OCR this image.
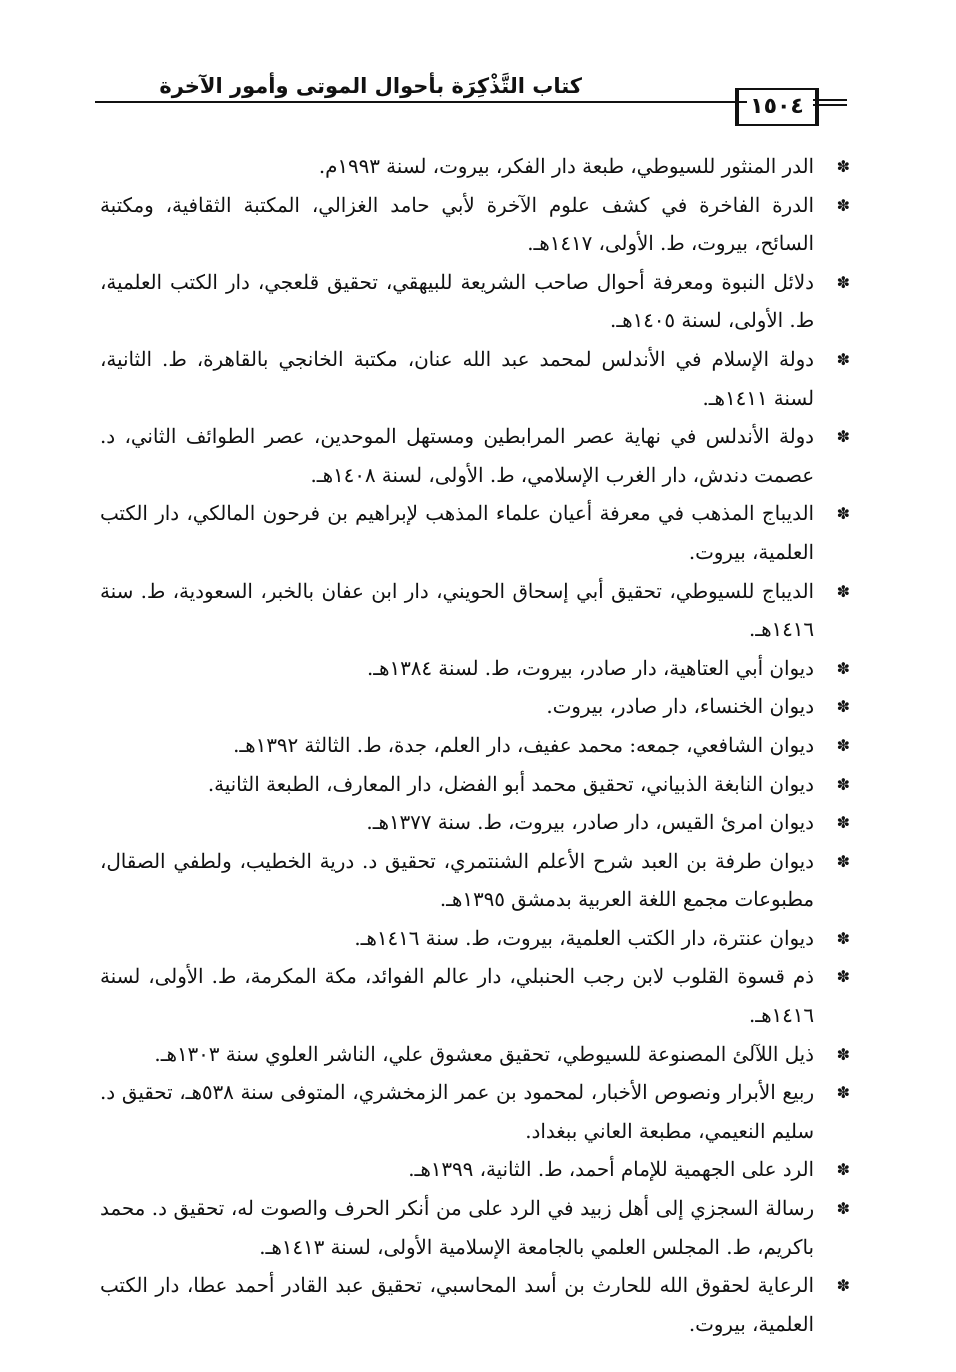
كتاب التَّذْكِرَة بأحوال الموتى وأمور الآخرة
١٥٠٤
✽
الدر المنثور للسيوطي، طبعة دار الفكر، بيروت، لسنة ١٩٩٣م.
✽
الدرة الفاخرة في كشف علوم الآخرة لأبي حامد الغزالي، المكتبة الثقافية، ومكتبة السائح، بيروت، ط. الأولى، ١٤١٧هـ.
✽
دلائل النبوة ومعرفة أحوال صاحب الشريعة للبيهقي، تحقيق قلعجي، دار الكتب العلمية، ط. الأولى، لسنة ١٤٠٥هـ.
✽
دولة الإسلام في الأندلس لمحمد عبد الله عنان، مكتبة الخانجي بالقاهرة، ط. الثانية، لسنة ١٤١١هـ.
✽
دولة الأندلس في نهاية عصر المرابطين ومستهل الموحدين، عصر الطوائف الثاني، د. عصمت دندش، دار الغرب الإسلامي، ط. الأولى، لسنة ١٤٠٨هـ.
✽
الديباج المذهب في معرفة أعيان علماء المذهب لإبراهيم بن فرحون المالكي، دار الكتب العلمية، بيروت.
✽
الديباج للسيوطي، تحقيق أبي إسحاق الحويني، دار ابن عفان بالخبر، السعودية، ط. سنة ١٤١٦هـ.
✽
ديوان أبي العتاهية، دار صادر، بيروت، ط. لسنة ١٣٨٤هـ.
✽
ديوان الخنساء، دار صادر، بيروت.
✽
ديوان الشافعي، جمعه: محمد عفيف، دار العلم، جدة، ط. الثالثة ١٣٩٢هـ.
✽
ديوان النابغة الذبياني، تحقيق محمد أبو الفضل، دار المعارف، الطبعة الثانية.
✽
ديوان امرئ القيس، دار صادر، بيروت، ط. سنة ١٣٧٧هـ.
✽
ديوان طرفة بن العبد شرح الأعلم الشنتمري، تحقيق د. درية الخطيب، ولطفي الصقال، مطبوعات مجمع اللغة العربية بدمشق ١٣٩٥هـ.
✽
ديوان عنترة، دار الكتب العلمية، بيروت، ط. سنة ١٤١٦هـ.
✽
ذم قسوة القلوب لابن رجب الحنبلي، دار عالم الفوائد، مكة المكرمة، ط. الأولى، لسنة ١٤١٦هـ.
✽
ذيل اللآلئ المصنوعة للسيوطي، تحقيق معشوق علي، الناشر العلوي سنة ١٣٠٣هـ.
✽
ربيع الأبرار ونصوص الأخبار، لمحمود بن عمر الزمخشري، المتوفى سنة ٥٣٨هـ، تحقيق د. سليم النعيمي، مطبعة العاني ببغداد.
✽
الرد على الجهمية للإمام أحمد، ط. الثانية، ١٣٩٩هـ.
✽
رسالة السجزي إلى أهل زبيد في الرد على من أنكر الحرف والصوت له، تحقيق د. محمد باكريم، ط. المجلس العلمي بالجامعة الإسلامية الأولى، لسنة ١٤١٣هـ.
✽
الرعاية لحقوق الله للحارث بن أسد المحاسبي، تحقيق عبد القادر أحمد عطا، دار الكتب العلمية، بيروت.
